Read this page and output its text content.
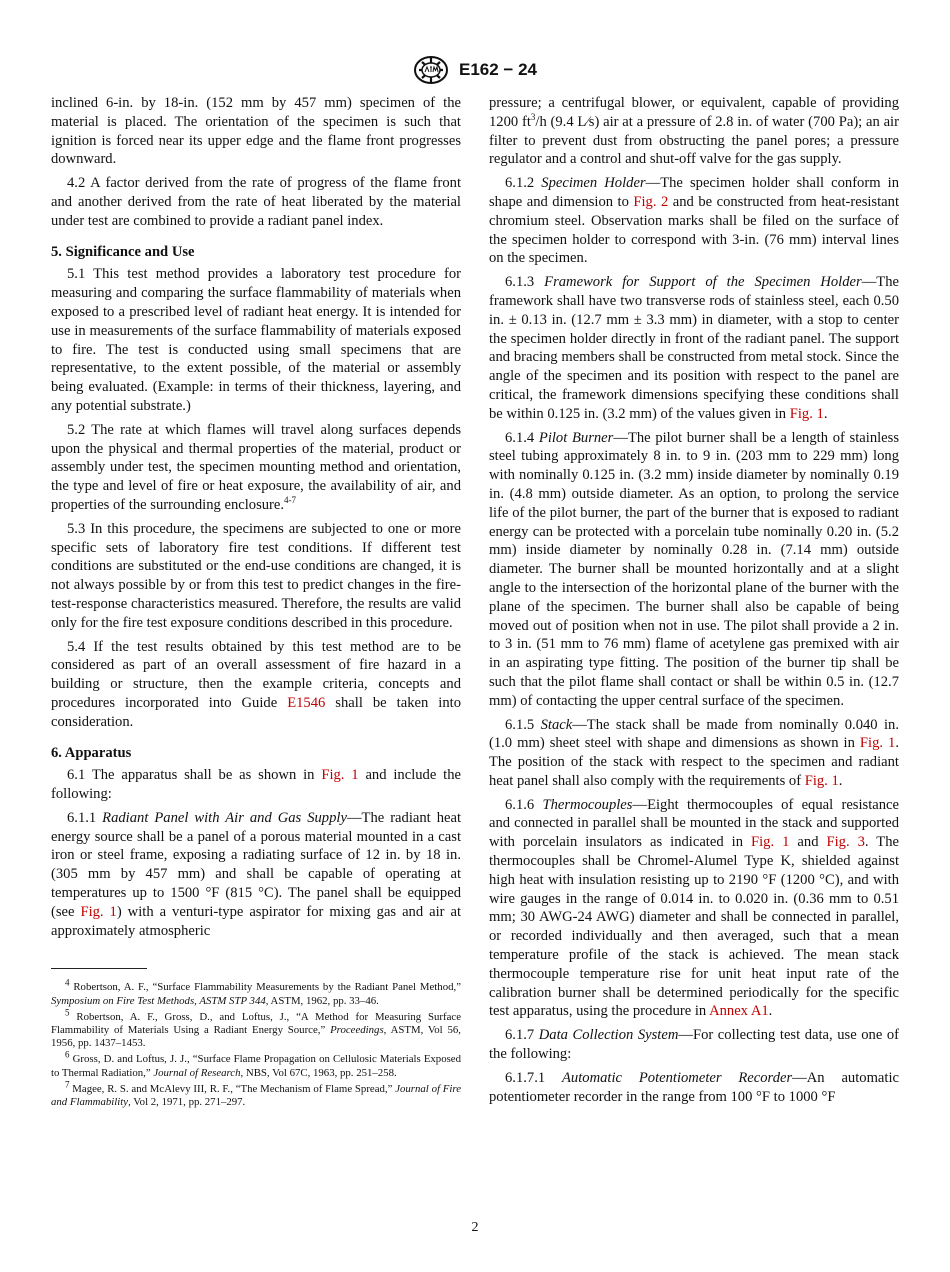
E162 − 24

inclined 6-in. by 18-in. (152 mm by 457 mm) specimen of the material is placed. The orientation of the specimen is such that ignition is forced near its upper edge and the flame front progresses downward.

4.2 A factor derived from the rate of progress of the flame front and another derived from the rate of heat liberated by the material under test are combined to provide a radiant panel index.

5. Significance and Use

5.1 This test method provides a laboratory test procedure for measuring and comparing the surface flammability of materials when exposed to a prescribed level of radiant heat energy. It is intended for use in measurements of the surface flammability of materials exposed to fire. The test is conducted using small specimens that are representative, to the extent possible, of the material or assembly being evaluated. (Example: in terms of their thickness, layering, and any potential substrate.)

5.2 The rate at which flames will travel along surfaces depends upon the physical and thermal properties of the material, product or assembly under test, the specimen mounting method and orientation, the type and level of fire or heat exposure, the availability of air, and properties of the surrounding enclosure.$^{4-7}$

5.3 In this procedure, the specimens are subjected to one or more specific sets of laboratory fire test conditions. If different test conditions are substituted or the end-use conditions are changed, it is not always possible by or from this test to predict changes in the fire-test-response characteristics measured. Therefore, the results are valid only for the fire test exposure conditions described in this procedure.

5.4 If the test results obtained by this test method are to be considered as part of an overall assessment of fire hazard in a building or structure, then the example criteria, concepts and procedures incorporated into Guide E1546 shall be taken into consideration.

6. Apparatus

6.1 The apparatus shall be as shown in Fig. 1 and include the following:

6.1.1 Radiant Panel with Air and Gas Supply—The radiant heat energy source shall be a panel of a porous material mounted in a cast iron or steel frame, exposing a radiating surface of 12 in. by 18 in. (305 mm by 457 mm) and shall be capable of operating at temperatures up to 1500 °F (815 °C). The panel shall be equipped (see Fig. 1) with a venturi-type aspirator for mixing gas and air at approximately atmospheric

$^4$ Robertson, A. F., “Surface Flammability Measurements by the Radiant Panel Method,” Symposium on Fire Test Methods, ASTM STP 344, ASTM, 1962, pp. 33–46.

$^5$ Robertson, A. F., Gross, D., and Loftus, J., “A Method for Measuring Surface Flammability of Materials Using a Radiant Energy Source,” Proceedings, ASTM, Vol 56, 1956, pp. 1437–1453.

$^6$ Gross, D. and Loftus, J. J., “Surface Flame Propagation on Cellulosic Materials Exposed to Thermal Radiation,” Journal of Research, NBS, Vol 67C, 1963, pp. 251–258.

$^7$ Magee, R. S. and McAlevy III, R. F., “The Mechanism of Flame Spread,” Journal of Fire and Flammability, Vol 2, 1971, pp. 271–297.

pressure; a centrifugal blower, or equivalent, capable of providing 1200 $ft^3/h$ (9.4 L⁄s) air at a pressure of 2.8 in. of water (700 Pa); an air filter to prevent dust from obstructing the panel pores; a pressure regulator and a control and shut-off valve for the gas supply.

6.1.2 Specimen Holder—The specimen holder shall conform in shape and dimension to Fig. 2 and be constructed from heat-resistant chromium steel. Observation marks shall be filed on the surface of the specimen holder to correspond with 3-in. (76 mm) interval lines on the specimen.

6.1.3 Framework for Support of the Specimen Holder—The framework shall have two transverse rods of stainless steel, each 0.50 in. ± 0.13 in. (12.7 mm ± 3.3 mm) in diameter, with a stop to center the specimen holder directly in front of the radiant panel. The support and bracing members shall be constructed from metal stock. Since the angle of the specimen and its position with respect to the panel are critical, the framework dimensions specifying these conditions shall be within 0.125 in. (3.2 mm) of the values given in Fig. 1.

6.1.4 Pilot Burner—The pilot burner shall be a length of stainless steel tubing approximately 8 in. to 9 in. (203 mm to 229 mm) long with nominally 0.125 in. (3.2 mm) inside diameter by nominally 0.19 in. (4.8 mm) outside diameter. As an option, to prolong the service life of the pilot burner, the part of the burner that is exposed to radiant energy can be protected with a porcelain tube nominally 0.20 in. (5.2 mm) inside diameter by nominally 0.28 in. (7.14 mm) outside diameter. The burner shall be mounted horizontally and at a slight angle to the intersection of the horizontal plane of the burner with the plane of the specimen. The burner shall also be capable of being moved out of position when not in use. The pilot shall provide a 2 in. to 3 in. (51 mm to 76 mm) flame of acetylene gas premixed with air in an aspirating type fitting. The position of the burner tip shall be such that the pilot flame shall contact or shall be within 0.5 in. (12.7 mm) of contacting the upper central surface of the specimen.

6.1.5 Stack—The stack shall be made from nominally 0.040 in. (1.0 mm) sheet steel with shape and dimensions as shown in Fig. 1. The position of the stack with respect to the specimen and radiant heat panel shall also comply with the requirements of Fig. 1.

6.1.6 Thermocouples—Eight thermocouples of equal resistance and connected in parallel shall be mounted in the stack and supported with porcelain insulators as indicated in Fig. 1 and Fig. 3. The thermocouples shall be Chromel-Alumel Type K, shielded against high heat with insulation resisting up to 2190 °F (1200 °C), and with wire gauges in the range of 0.014 in. to 0.020 in. (0.36 mm to 0.51 mm; 30 AWG-24 AWG) diameter and shall be connected in parallel, or recorded individually and then averaged, such that a mean temperature profile of the stack is achieved. The mean stack thermocouple temperature rise for unit heat input rate of the calibration burner shall be determined periodically for the specific test apparatus, using the procedure in Annex A1.

6.1.7 Data Collection System—For collecting test data, use one of the following:

6.1.7.1 Automatic Potentiometer Recorder—An automatic potentiometer recorder in the range from 100 °F to 1000 °F

2
